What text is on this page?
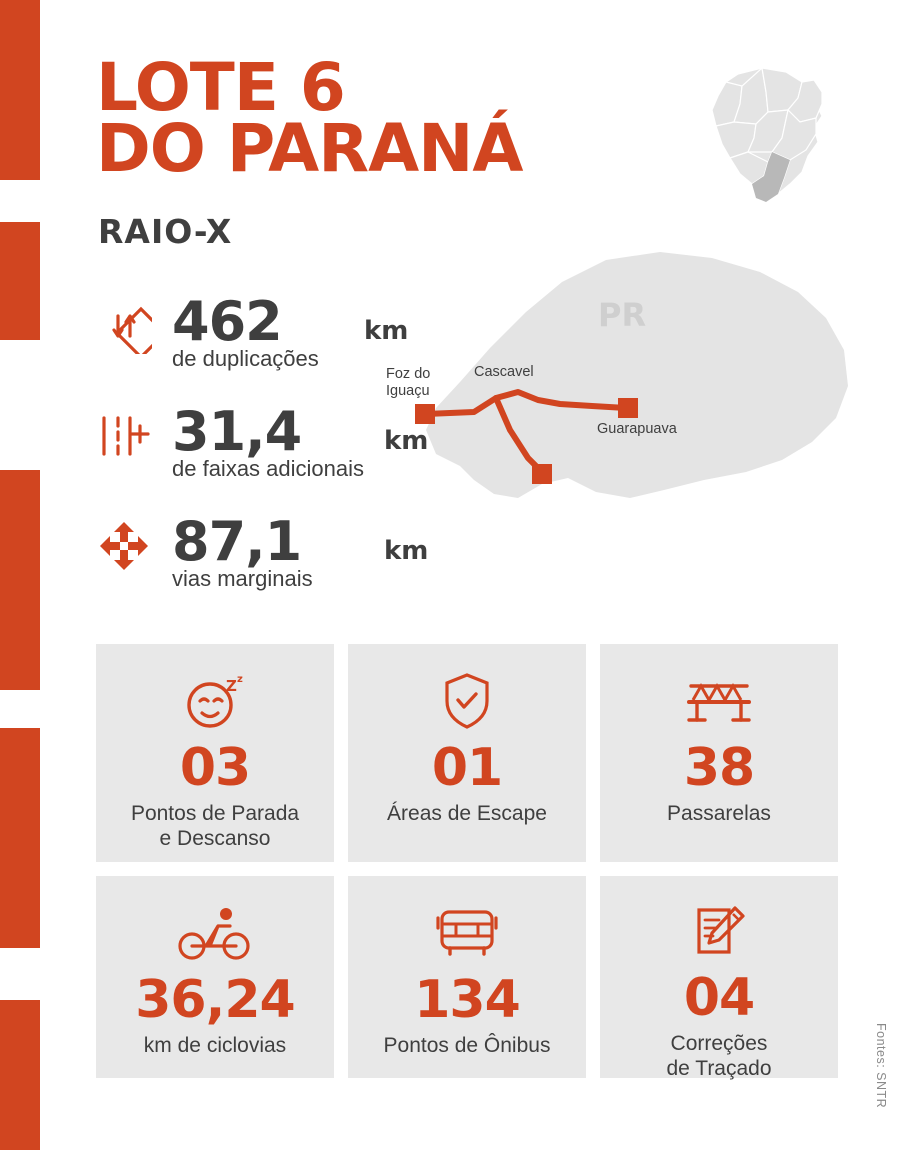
LOTE 6
DO PARANÁ
RAIO-X
PR
Foz do
Iguaçu
Cascavel
Guarapuava
462	km
de duplicações
31,4	km
de faixas adicionais
87,1	km
vias marginais
Z z
03
Pontos de Parada
e Descanso
01
Áreas de Escape
38
Passarelas
36,24
km de ciclovias
134
Pontos de Ônibus
04
Correções
de Traçado	Fontes: SNTR
